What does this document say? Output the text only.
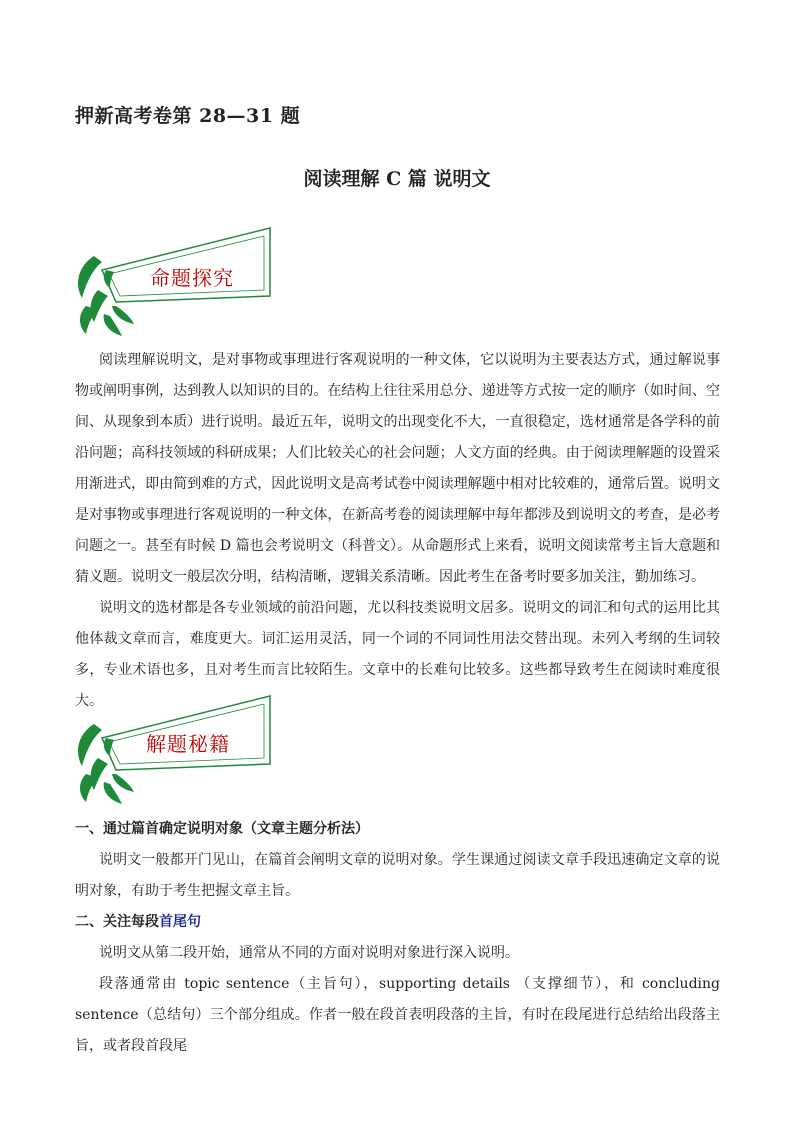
押新高考卷第 28—31 题
阅读理解 C 篇 说明文
命题探究

阅读理解说明文，是对事物或事理进行客观说明的一种文体，它以说明为主要表达方式，通过解说事物或阐明事例，达到教人以知识的目的。在结构上往往采用总分、递进等方式按一定的顺序（如时间、空间、从现象到本质）进行说明。最近五年，说明文的出现变化不大，一直很稳定，选材通常是各学科的前沿问题；高科技领域的科研成果；人们比较关心的社会问题；人文方面的经典。由于阅读理解题的设置采用渐进式，即由简到难的方式，因此说明文是高考试卷中阅读理解题中相对比较难的，通常后置。说明文是对事物或事理进行客观说明的一种文体，在新高考卷的阅读理解中每年都涉及到说明文的考查，是必考问题之一。甚至有时候 D 篇也会考说明文（科普文）。从命题形式上来看，说明文阅读常考主旨大意题和猜义题。说明文一般层次分明，结构清晰，逻辑关系清晰。因此考生在备考时要多加关注，勤加练习。

说明文的选材都是各专业领域的前沿问题，尤以科技类说明文居多。说明文的词汇和句式的运用比其他体裁文章而言，难度更大。词汇运用灵活，同一个词的不同词性用法交替出现。未列入考纲的生词较多，专业术语也多，且对考生而言比较陌生。文章中的长难句比较多。这些都导致考生在阅读时难度很大。

解题秘籍
一、通过篇首确定说明对象（文章主题分析法）

说明文一般都开门见山，在篇首会阐明文章的说明对象。学生课通过阅读文章手段迅速确定文章的说明对象，有助于考生把握文章主旨。

二、关注每段首尾句

说明文从第二段开始，通常从不同的方面对说明对象进行深入说明。

段落通常由 topic sentence（主旨句），supporting details （支撑细节），和 concluding sentence（总结句）三个部分组成。作者一般在段首表明段落的主旨，有时在段尾进行总结给出段落主旨，或者段首段尾
